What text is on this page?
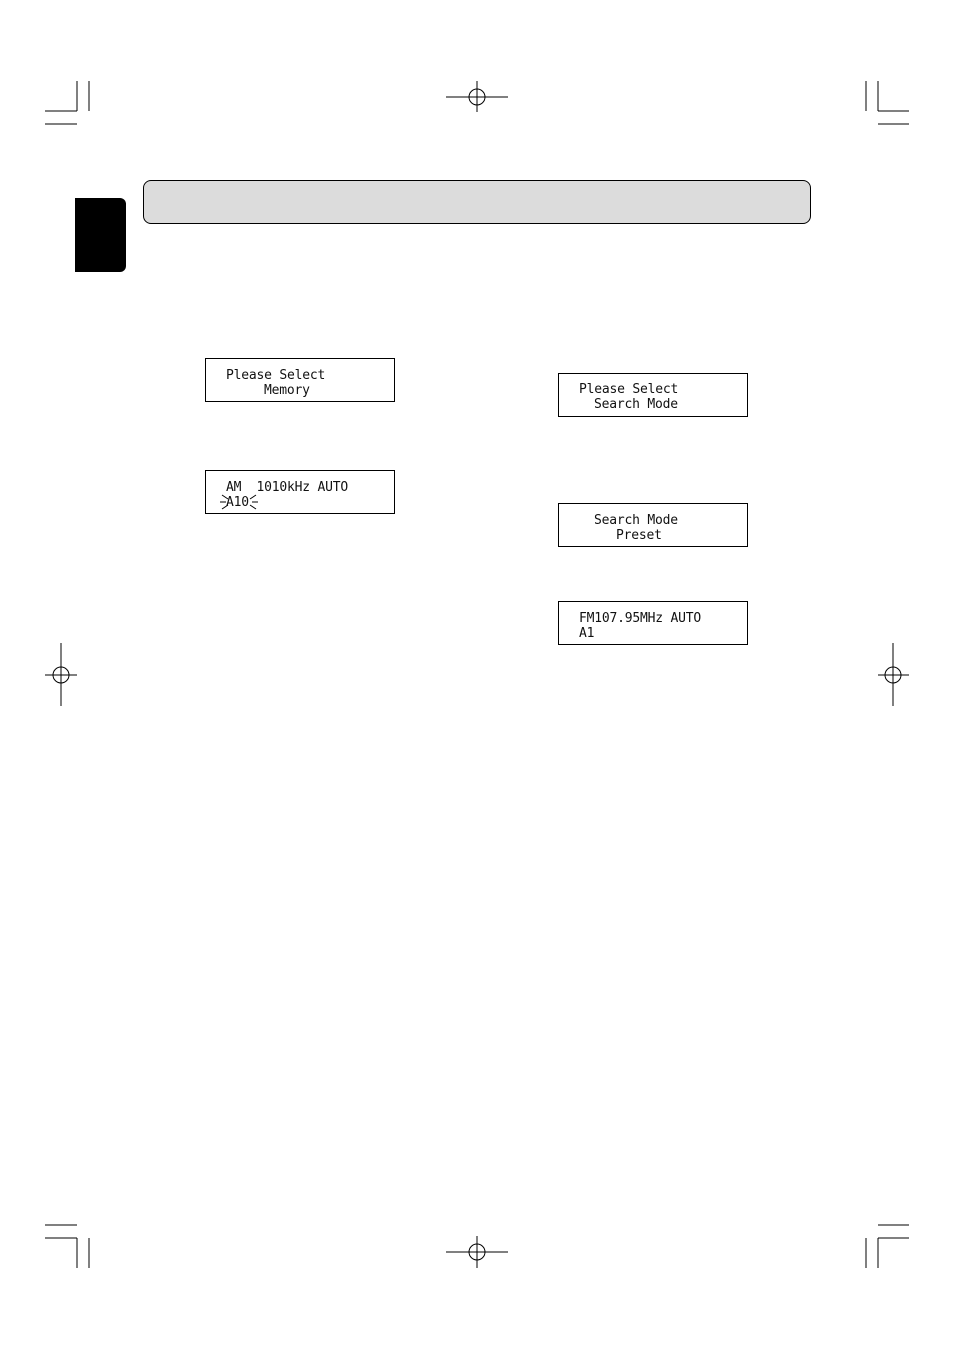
Please Select
Memory
AM  1010kHz AUTO
A10
Please Select
Search Mode
Search Mode
Preset
FM107.95MHz AUTO
A1
